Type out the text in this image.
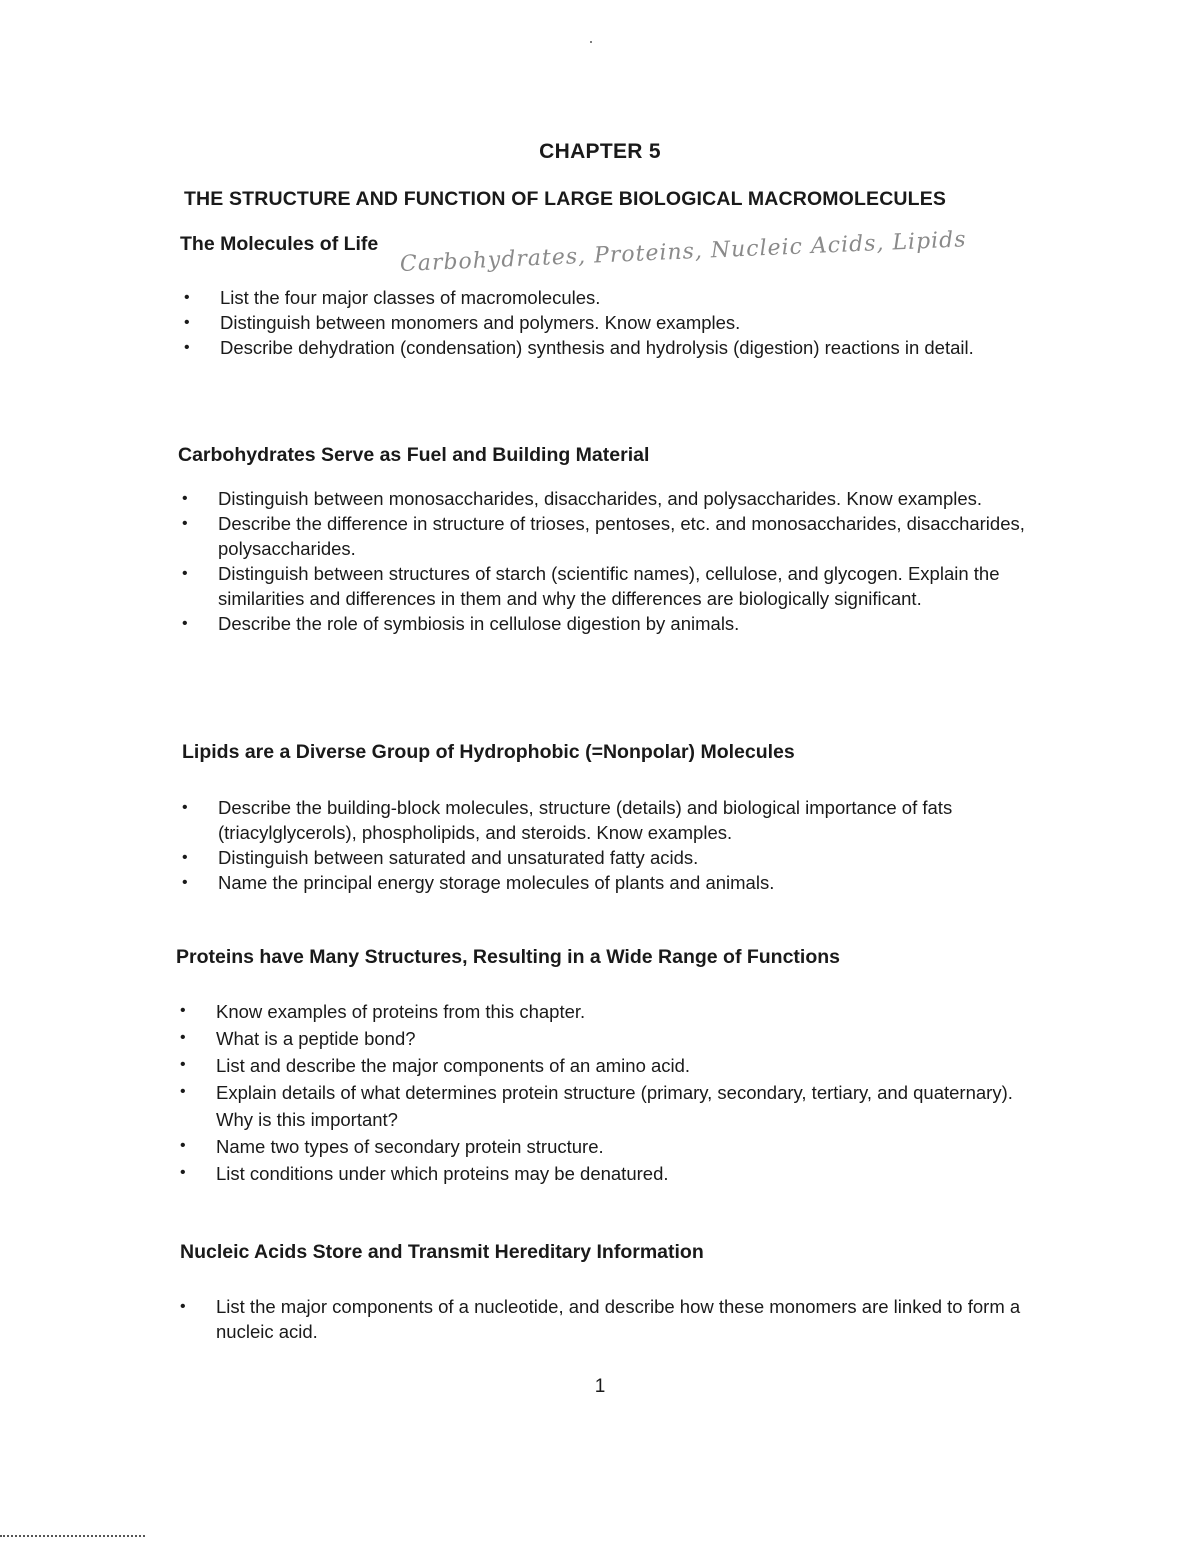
CHAPTER 5
THE STRUCTURE AND FUNCTION OF LARGE BIOLOGICAL MACROMOLECULES
The Molecules of Life Carbohydrates, Proteins, Nucleic Acids, Lipids
• List the four major classes of macromolecules.
• Distinguish between monomers and polymers. Know examples.
• Describe dehydration (condensation) synthesis and hydrolysis (digestion) reactions in detail.
Carbohydrates Serve as Fuel and Building Material
• Distinguish between monosaccharides, disaccharides, and polysaccharides. Know examples.
• Describe the difference in structure of trioses, pentoses, etc. and monosaccharides, disaccharides, polysaccharides.
• Distinguish between structures of starch (scientific names), cellulose, and glycogen. Explain the similarities and differences in them and why the differences are biologically significant.
• Describe the role of symbiosis in cellulose digestion by animals.
Lipids are a Diverse Group of Hydrophobic (=Nonpolar) Molecules
• Describe the building-block molecules, structure (details) and biological importance of fats (triacylglycerols), phospholipids, and steroids. Know examples.
• Distinguish between saturated and unsaturated fatty acids.
• Name the principal energy storage molecules of plants and animals.
Proteins have Many Structures, Resulting in a Wide Range of Functions
• Know examples of proteins from this chapter.
• What is a peptide bond?
• List and describe the major components of an amino acid.
• Explain details of what determines protein structure (primary, secondary, tertiary, and quaternary). Why is this important?
• Name two types of secondary protein structure.
• List conditions under which proteins may be denatured.
Nucleic Acids Store and Transmit Hereditary Information
• List the major components of a nucleotide, and describe how these monomers are linked to form a nucleic acid.
1
